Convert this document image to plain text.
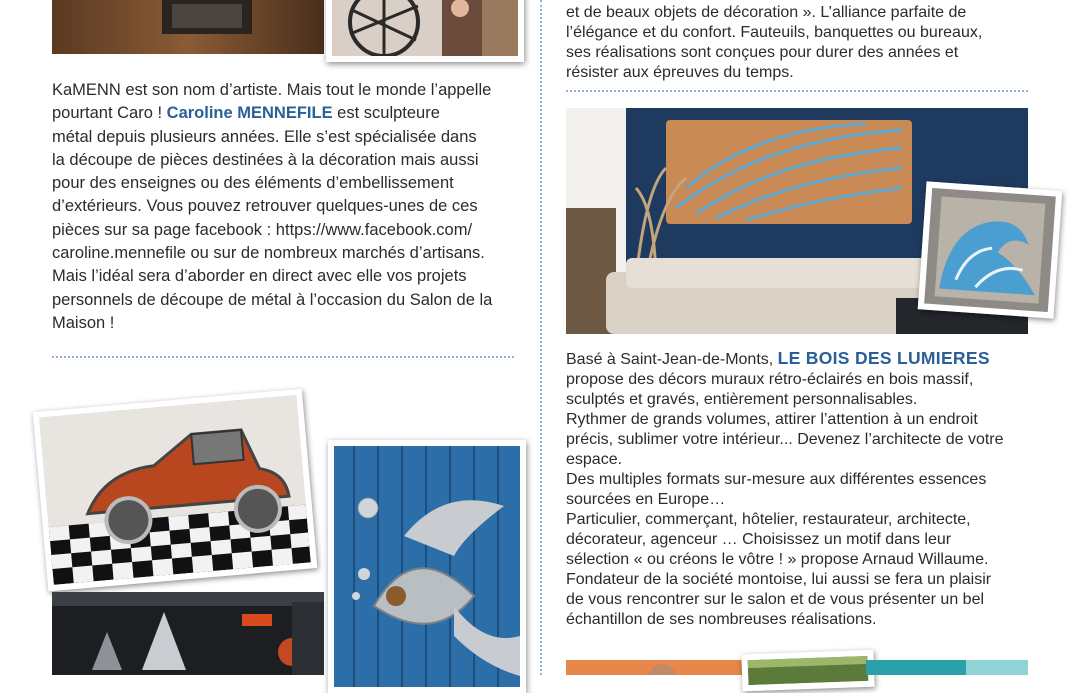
KaMENN est son nom d’artiste. Mais tout le monde l’appelle
pourtant Caro ! Caroline MENNEFILE est sculpteure
métal depuis plusieurs années. Elle s’est spécialisée dans
la découpe de pièces destinées à la décoration mais aussi
pour des enseignes ou des éléments d’embellissement
d’extérieurs. Vous pouvez retrouver quelques-unes de ces
pièces sur sa page facebook : https://www.facebook.com/
caroline.mennefile ou sur de nombreux marchés d’artisans.
Mais l’idéal sera d’aborder en direct avec elle vos projets
personnels de découpe de métal à l’occasion du Salon de la
Maison !
et de beaux objets de décoration ». L’alliance parfaite de
l’élégance et du confort. Fauteuils, banquettes ou bureaux,
ses réalisations sont conçues pour durer des années et
résister aux épreuves du temps.
Basé à Saint-Jean-de-Monts, LE BOIS DES LUMIERES
propose des décors muraux rétro-éclairés en bois massif,
sculptés et gravés, entièrement personnalisables.
Rythmer de grands volumes, attirer l’attention à un endroit
précis, sublimer votre intérieur... Devenez l’architecte de votre
espace.
Des multiples formats sur-mesure aux différentes essences
sourcées en Europe…
Particulier, commerçant, hôtelier, restaurateur, architecte,
décorateur, agenceur … Choisissez un motif dans leur
sélection « ou créons le vôtre ! » propose Arnaud Willaume.
Fondateur de la société montoise, lui aussi se fera un plaisir
de vous rencontrer sur le salon et de vous présenter un bel
échantillon de ses nombreuses réalisations.
